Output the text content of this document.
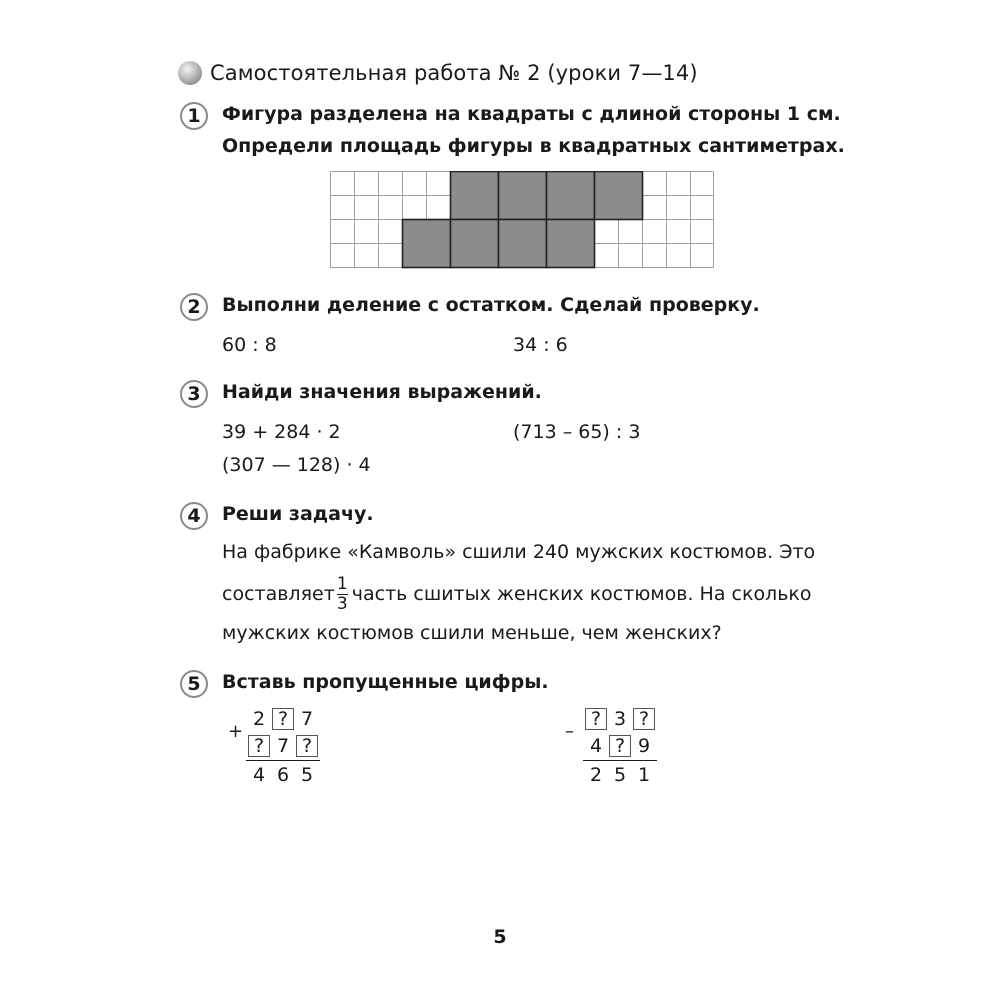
Самостоятельная работа № 2 (уроки 7—14)
1	Фигура разделена на квадраты с длиной стороны 1 см.
Определи площадь фигуры в квадратных сантиметрах.
2	Выполни деление с остатком. Сделай проверку.
60 : 8	34 : 6
3	Найди значения выражений.
39 + 284 · 2	(713 – 65) : 3
(307 — 128) · 4
4	Реши задачу.
На фабрике «Камволь» сшили 240 мужских костюмов. Это
составляет $\frac{1}{3}$ часть сшитых женских костюмов. На сколько
мужских костюмов сшили меньше, чем женских?
5	Вставь пропущенные цифры.
+
2 ? 7
? 7 ?
4 6 5
–
? 3 ?
4 ? 9
2 5 1
5
